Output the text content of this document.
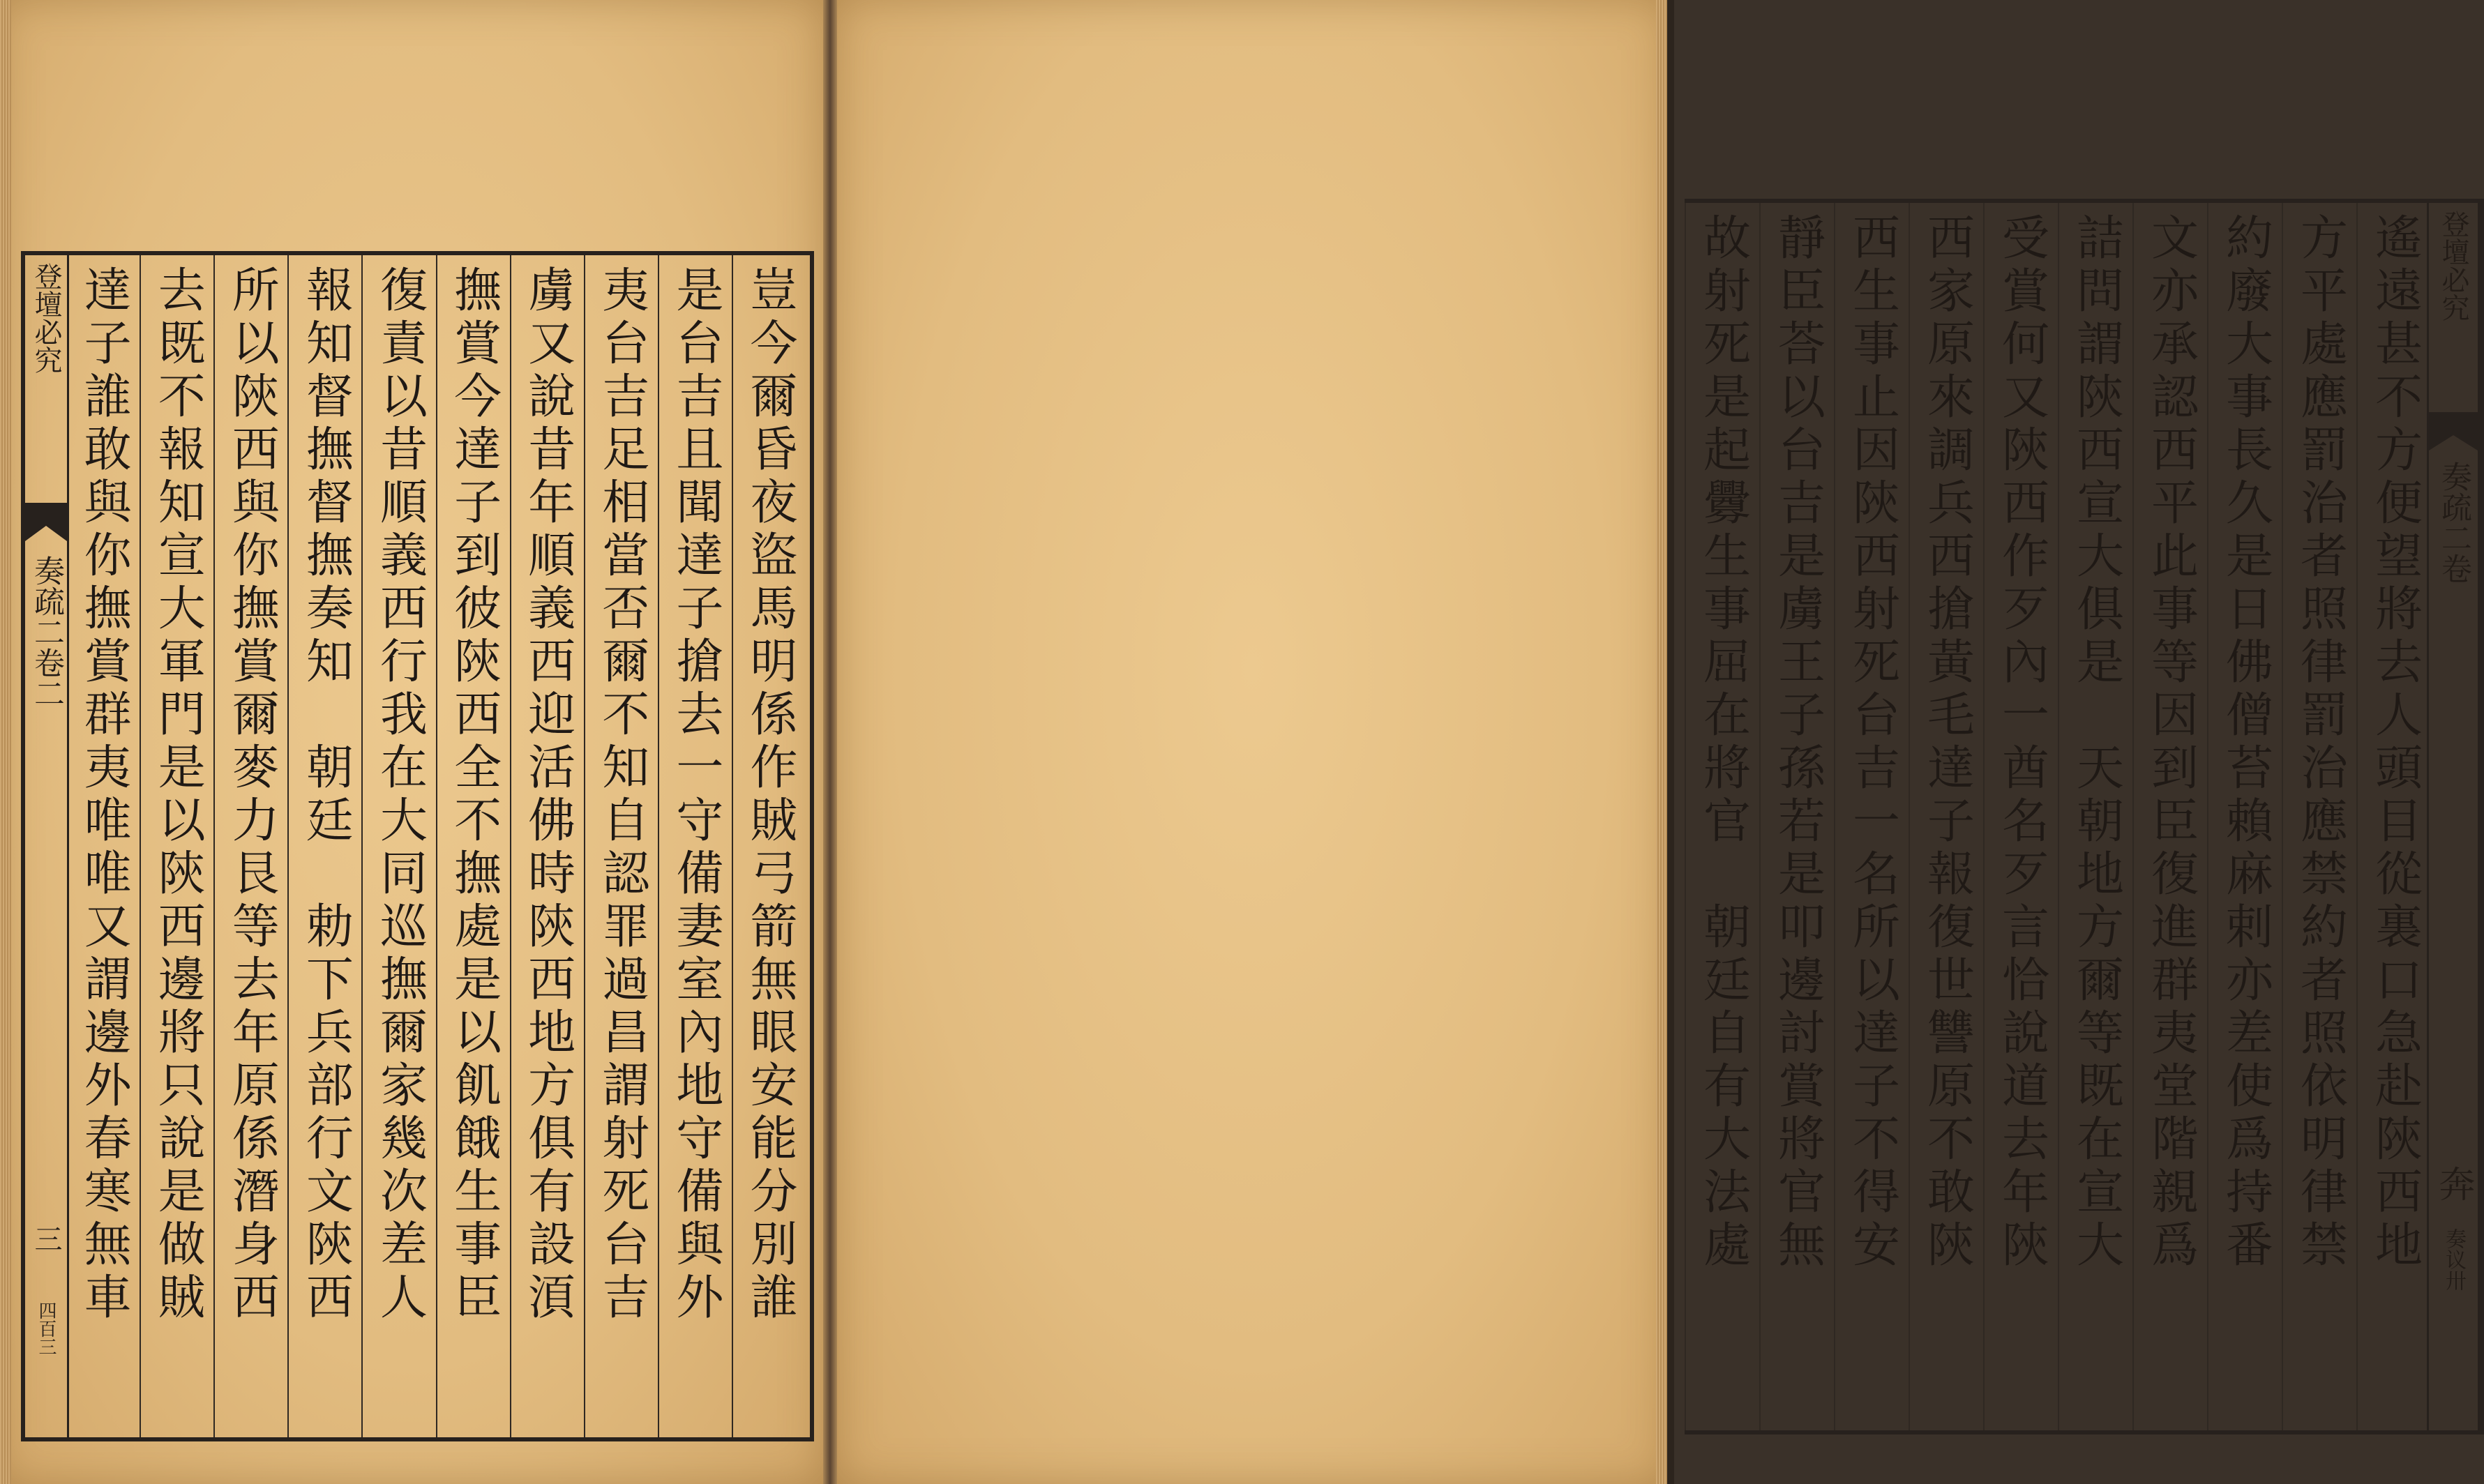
登壇必究
奏疏二卷二
三
四百三
豈今爾昏夜盜馬明係作賊弓箭無眼安能分別誰
是台吉且聞達子搶去一守備妻室內地守備與外
夷台吉足相當否爾不知自認罪過昌謂射死台吉
虜又說昔年順義西迎活佛時陝西地方俱有設湏
撫賞今達子到彼陝西全不撫處是以飢餓生事臣
復責以昔順義西行我在大同巡撫爾家幾次差人
報知督撫督撫奏知　朝廷　勅下兵部行文陝西
所以陝西與你撫賞爾麥力艮等去年原係潛身西
去既不報知宣大軍門是以陝西邊將只說是做賊
達子誰敢與你撫賞群夷唯唯又謂邊外春寒無車	遙遠甚不方便望將去人頭目從裏口急赴陝西地
方平處應罰治者照律罰治應禁約者照依明律禁
約廢大事長久是日佛僧苔賴麻剌亦差使爲持番
文亦承認西平此事等因到臣復進群夷堂階親爲
詰問謂陝西宣大俱是　天朝地方爾等既在宣大
受賞何又陝西作歹內一酋名歹言恰說道去年陝
西家原來調兵西搶黃毛達子報復世讐原不敢陝
西生事止因陝西射死台吉一名所以達子不得安
靜臣荅以台吉是虜王子孫若是叩邊討賞將官無
故射死是起釁生事屈在將官　朝廷自有大法處	登壇必究
奏疏二卷
奔
奏议卅
